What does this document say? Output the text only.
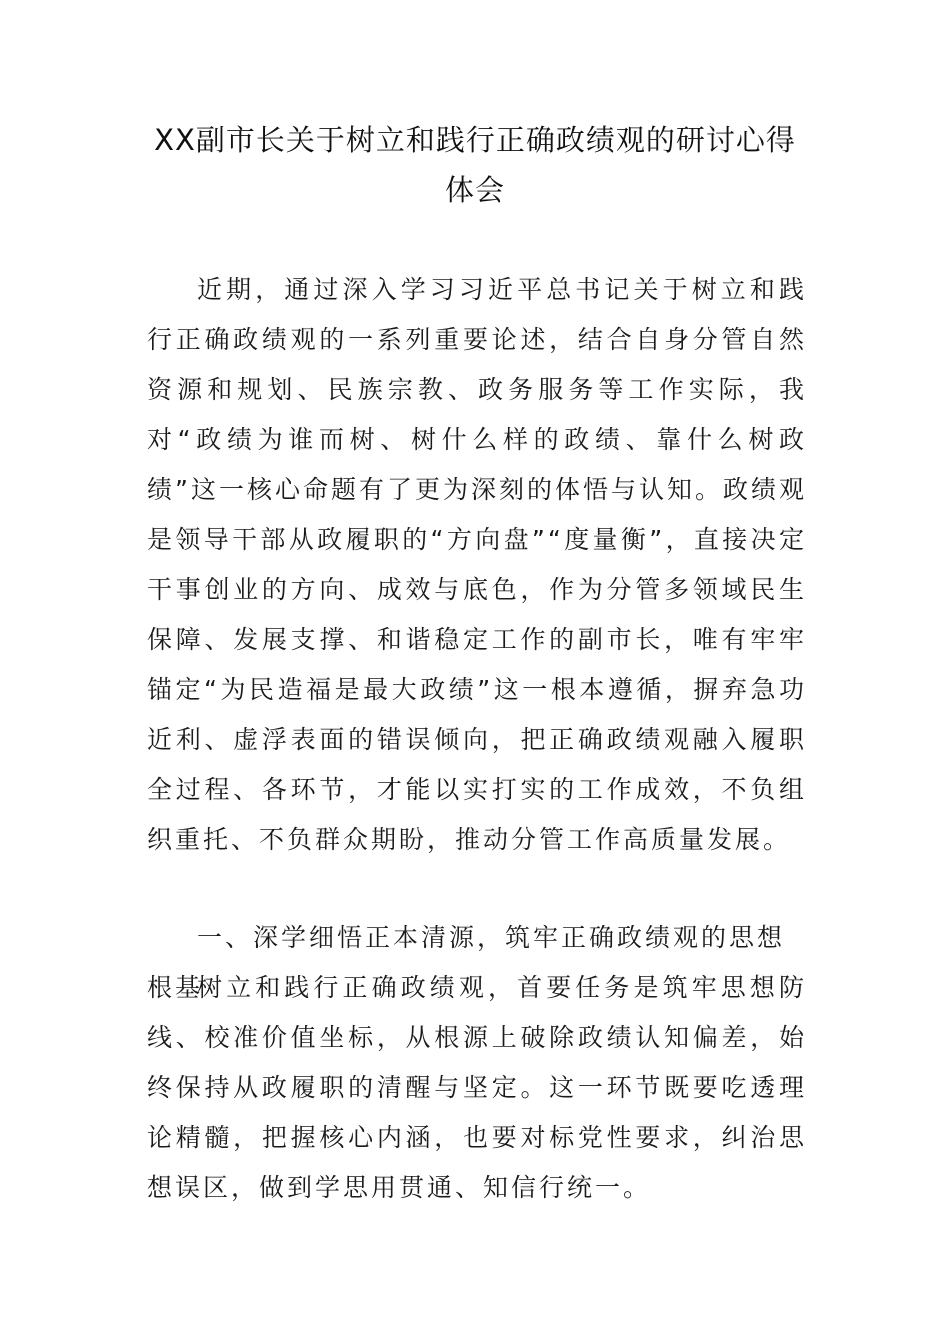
XX副市长关于树立和践行正确政绩观的研讨心得体会

近期，通过深入学习习近平总书记关于树立和践行正确政绩观的一系列重要论述，结合自身分管自然资源和规划、民族宗教、政务服务等工作实际，我对“政绩为谁而树、树什么样的政绩、靠什么树政绩”这一核心命题有了更为深刻的体悟与认知。政绩观是领导干部从政履职的“方向盘”“度量衡”，直接决定干事创业的方向、成效与底色，作为分管多领域民生保障、发展支撑、和谐稳定工作的副市长，唯有牢牢锚定“为民造福是最大政绩”这一根本遵循，摒弃急功近利、虚浮表面的错误倾向，把正确政绩观融入履职全过程、各环节，才能以实打实的工作成效，不负组织重托、不负群众期盼，推动分管工作高质量发展。

一、深学细悟正本清源，筑牢正确政绩观的思想根基

树立和践行正确政绩观，首要任务是筑牢思想防线、校准价值坐标，从根源上破除政绩认知偏差，始终保持从政履职的清醒与坚定。这一环节既要吃透理论精髓，把握核心内涵，也要对标党性要求，纠治思想误区，做到学思用贯通、知信行统一。
